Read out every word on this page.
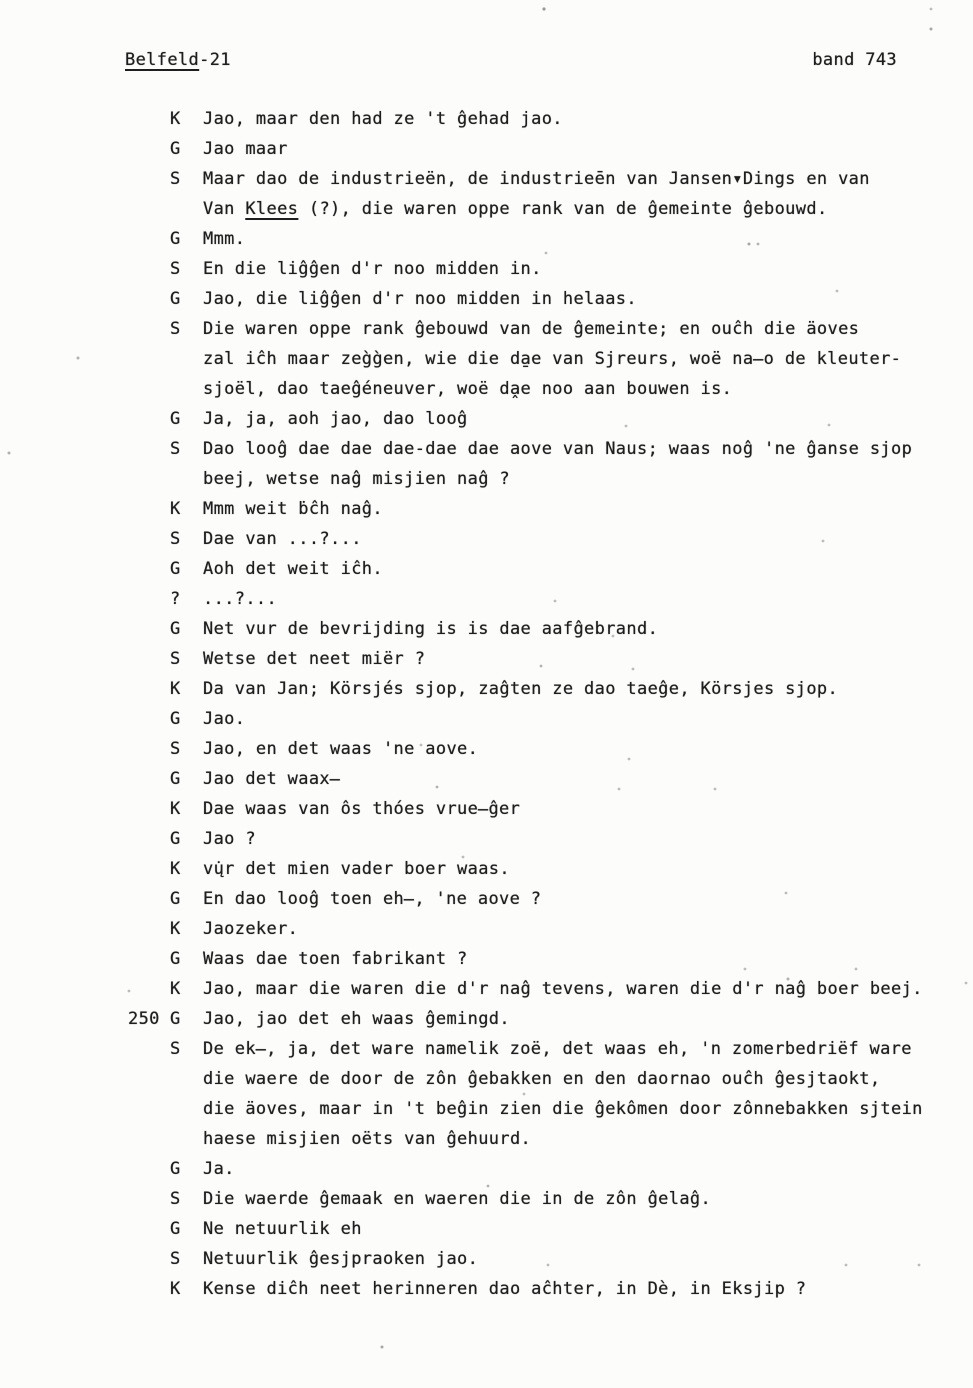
Belfeld-21	band 743
K	Jao, maar den had ze 't ĝehad jao.
G	Jao maar
S	Maar dao de industrieën, de industrieēn van Jansen▾Dings en van
Van Klees (?), die waren oppe rank van de ĝemeinte ĝebouwd.
G	Mmm.
S	En die liĝĝen d'r noo midden in.
G	Jao, die liĝĝen d'r noo midden in helaas.
S	Die waren oppe rank ĝebouwd van de ĝemeinte; en ouĉh die äoves
zal iĉh maar zeg̀g̀en, wie die da̱e van Sjreurs, woë na̶o de kleuter-
sjoël, dao taeĝéneuver, woë da̭e noo aan bouwen is.
G	Ja, ja, aoh jao, dao looĝ
S	Dao looĝ dae dae dae-dae dae aove van Naus; waas noĝ 'ne ĝanse sjop
beej, wetse naĝ misjien naĝ ?
K	Mmm weit ḃĉh naĝ.
S	Dae van ...?...
G	Aoh det weit iĉh.
?	...?...
G	Net vur de bevrijding is is dae aafĝebrand.
S	Wetse det neet miër ?
K	Da van Jan; Körsjés sjop, zaĝten ze dao taeĝe, Körsjes sjop.
G	Jao.
S	Jao, en det waas 'ne aove.
G	Jao det waax̶
K	Dae waas van ôs thóes vrue̶ĝer
G	Jao ?
K	vų̇r det mien vader boer waas.
G	En dao looĝ toen eh̶, 'ne aove ?
K	Jaozeker.
G	Waas dae toen fabrikant ?
K	Jao, maar die waren die d'r naĝ tevens, waren die d'r naĝ boer beej.
250 G	Jao, jao det eh waas ĝemingd.
S	De ek̶, ja, det ware namelik zoë, det waas eh, 'n zomerbedriëf ware
die waere de door de zôn ĝebakken en den daornao ouĉh ĝesjtaokt,
die äoves, maar in 't beĝin zien die ĝekômen door zônnebakken sjtein
haese misjien oëts van ĝehuurd.
G	Ja.
S	Die waerde ĝemaak en waeren die in de zôn ĝelaĝ.
G	Ne netuurlik eh
S	Netuurlik ĝesjpraoken jao.
K	Kense diĉh neet herinneren dao aĉhter, in Dè, in Eksjip ?
